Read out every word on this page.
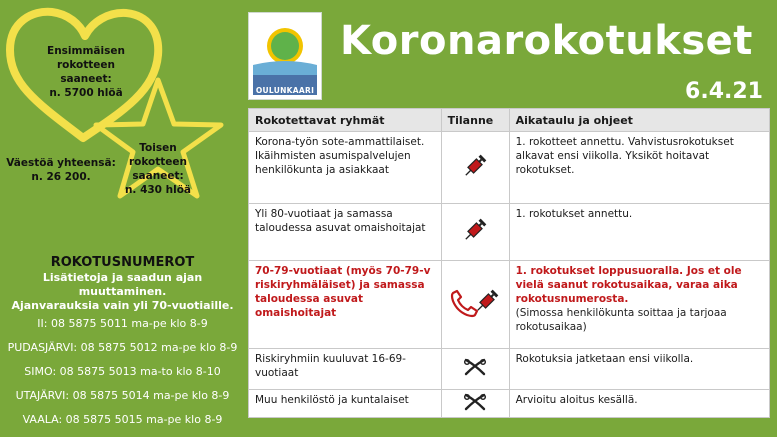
Ensimmäisen rokotteen saaneet:
n. 5700 hlöä
Toisen rokotteen saaneet:
n. 430 hlöä
Väestöä yhteensä:
n. 26 200.
ROKOTUSNUMEROT
Lisätietoja ja saadun ajan muuttaminen.
Ajanvarauksia vain yli 70-vuotiaille.
II: 08 5875 5011 ma-pe klo 8-9
PUDASJÄRVI: 08 5875 5012 ma-pe klo 8-9
SIMO: 08 5875 5013 ma-to klo 8-10
UTAJÄRVI: 08 5875 5014 ma-pe klo 8-9
VAALA: 08 5875 5015 ma-pe klo 8-9
OULUNKAARI
Koronarokotukset
6.4.21
Rokotettavat ryhmät	Tilanne	Aikataulu ja ohjeet
Korona-työn sote-ammattilaiset. Ikäihmisten asumispalvelujen henkilökunta ja asiakkaat		1. rokotteet annettu. Vahvistusrokotukset alkavat ensi viikolla. Yksiköt hoitavat rokotukset.
Yli 80-vuotiaat ja samassa taloudessa asuvat omaishoitajat		1. rokotukset annettu.
70-79-vuotiaat (myös 70-79-v riskiryhmäläiset) ja samassa taloudessa asuvat omaishoitajat		1. rokotukset loppusuoralla. Jos et ole vielä saanut rokotusaikaa, varaa aika rokotusnumerosta.
(Simossa henkilökunta soittaa ja tarjoaa rokotusaikaa)

Riskiryhmiin kuuluvat 16-69-vuotiaat		Rokotuksia jatketaan ensi viikolla.
Muu henkilöstö ja kuntalaiset		Arvioitu aloitus kesällä.
